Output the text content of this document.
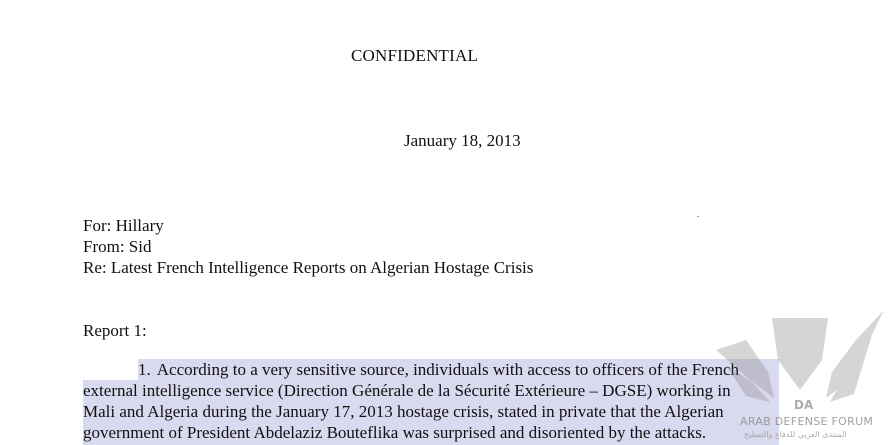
CONFIDENTIAL
January 18, 2013
For: Hillary
From: Sid
Re: Latest French Intelligence Reports on Algerian Hostage Crisis
Report 1:
1. According to a very sensitive source, individuals with access to officers of the French
external intelligence service (Direction Générale de la Sécurité Extérieure – DGSE) working in
Mali and Algeria during the January 17, 2013 hostage crisis, stated in private that the Algerian
government of President Abdelaziz Bouteflika was surprised and disoriented by the attacks.
DA
ARAB DEFENSE FORUM
المنتدى العربي للدفاع والتسليح
